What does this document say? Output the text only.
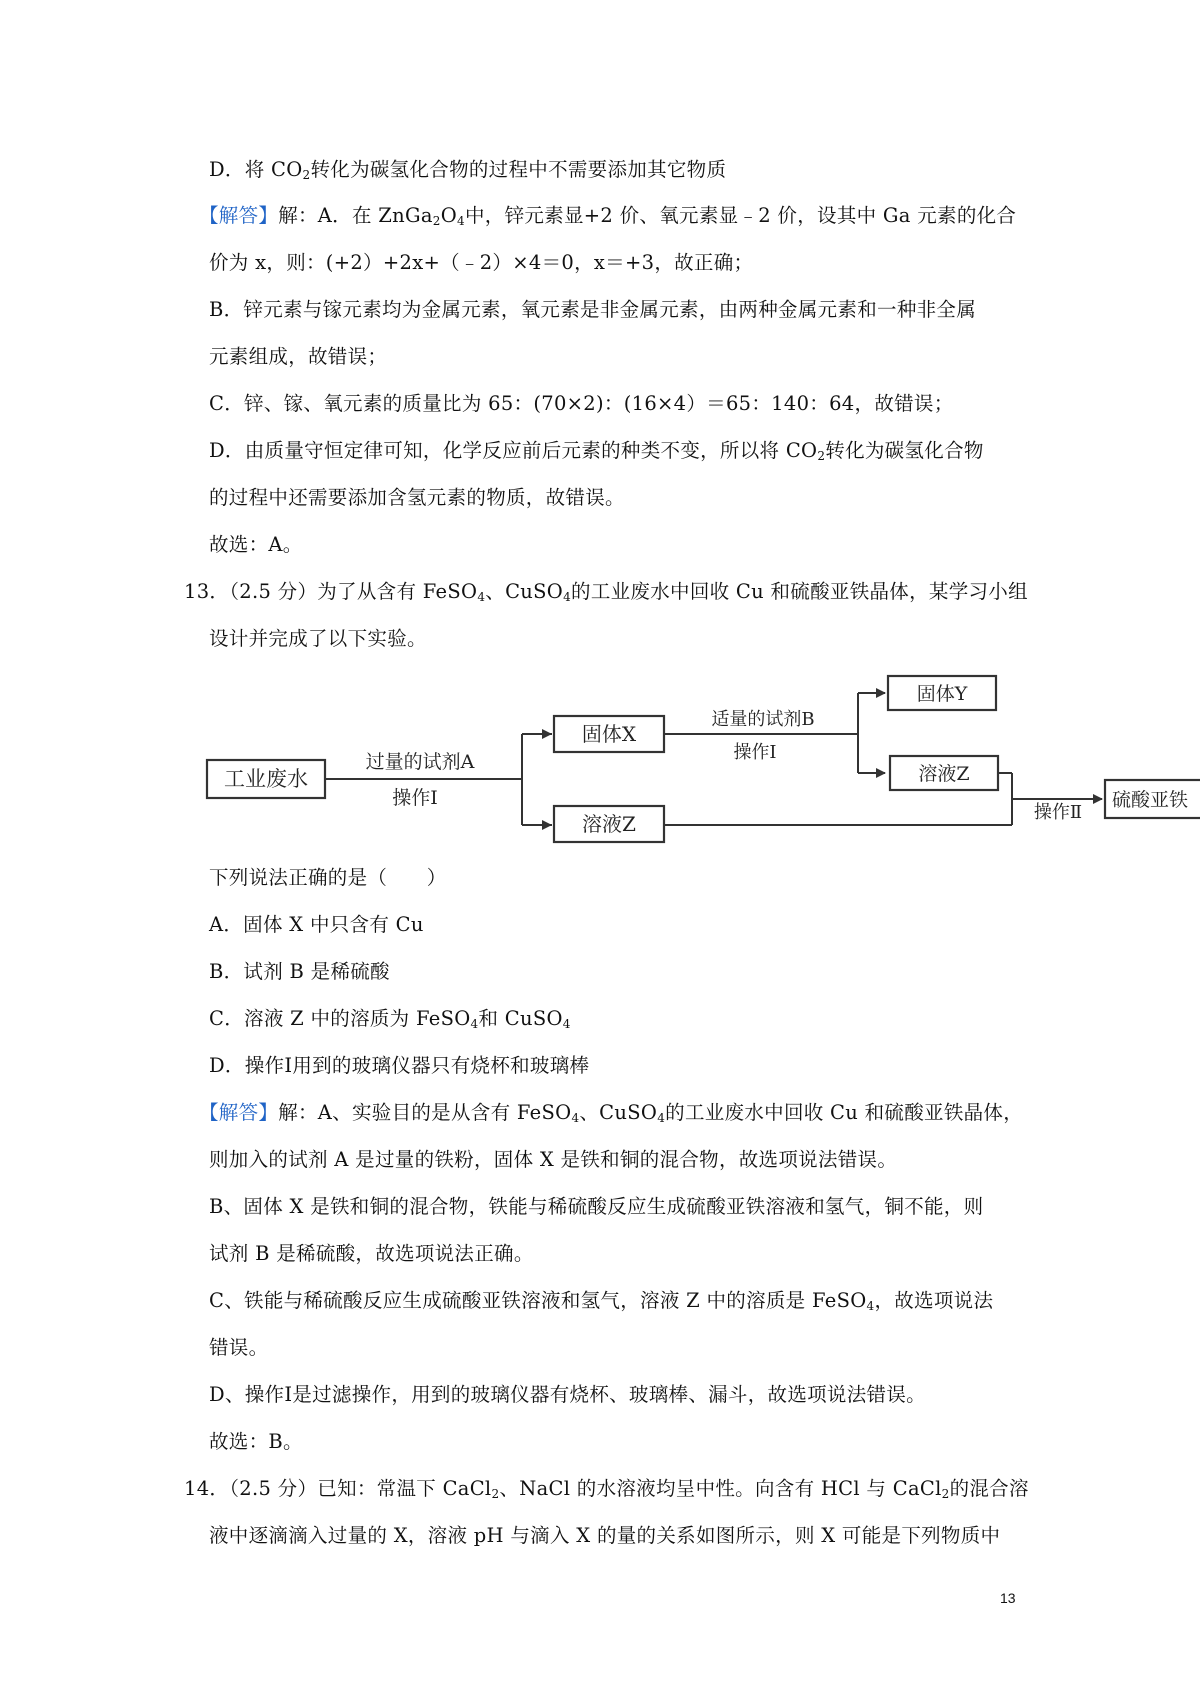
D．将 $CO_2$转化为碳氢化合物的过程中不需要添加其它物质
【解答】解：A．在 $ZnGa_2O_4$中，锌元素显+2 价、氧元素显﹣2 价，设其中 Ga 元素的化合
价为 x，则：(+2）+2x+（﹣2）×4＝0，x＝+3，故正确；
B．锌元素与镓元素均为金属元素，氧元素是非金属元素，由两种金属元素和一种非全属
元素组成，故错误；
C．锌、镓、氧元素的质量比为 65：(70×2)：(16×4）＝65：140：64，故错误；
D．由质量守恒定律可知，化学反应前后元素的种类不变，所以将 $CO_2$转化为碳氢化合物
的过程中还需要添加含氢元素的物质，故错误。
故选：A。
13．（2.5 分）为了从含有 FeSO$_4$、CuSO$_4$的工业废水中回收 Cu 和硫酸亚铁晶体，某学习小组
设计并完成了以下实验。
工业废水
过量的试剂A
操作Ⅰ
固体X
溶液Z
适量的试剂B
操作Ⅰ
固体Y
溶液Z
操作Ⅱ
硫酸亚铁
下列说法正确的是（　　）
A．固体 X 中只含有 Cu
B．试剂 B 是稀硫酸
C．溶液 Z 中的溶质为 FeSO$_4$和 CuSO$_4$
D．操作Ⅰ用到的玻璃仪器只有烧杯和玻璃棒
【解答】解：A、实验目的是从含有 FeSO$_4$、CuSO$_4$的工业废水中回收 Cu 和硫酸亚铁晶体，
则加入的试剂 A 是过量的铁粉，固体 X 是铁和铜的混合物，故选项说法错误。
B、固体 X 是铁和铜的混合物，铁能与稀硫酸反应生成硫酸亚铁溶液和氢气，铜不能，则
试剂 B 是稀硫酸，故选项说法正确。
C、铁能与稀硫酸反应生成硫酸亚铁溶液和氢气，溶液 Z 中的溶质是 FeSO$_4$，故选项说法
错误。
D、操作Ⅰ是过滤操作，用到的玻璃仪器有烧杯、玻璃棒、漏斗，故选项说法错误。
故选：B。
14．（2.5 分）已知：常温下 CaCl$_2$、NaCl 的水溶液均呈中性。向含有 HCl 与 CaCl$_2$的混合溶
液中逐滴滴入过量的 X，溶液 pH 与滴入 X 的量的关系如图所示，则 X 可能是下列物质中
13
